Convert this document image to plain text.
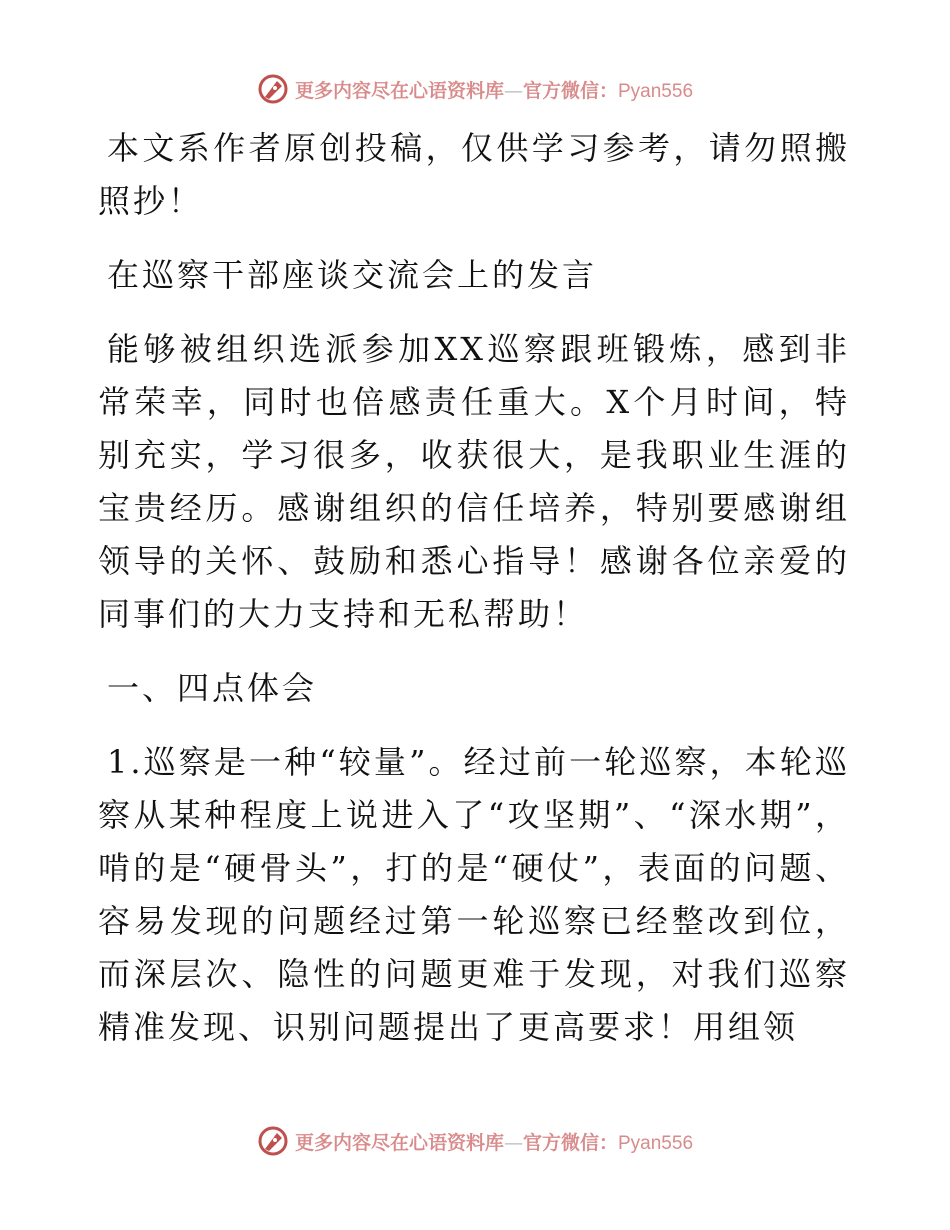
更多内容尽在心语资料库—官方微信：Pyan556

本文系作者原创投稿，仅供学习参考，请勿照搬照抄！

在巡察干部座谈交流会上的发言

能够被组织选派参加XX巡察跟班锻炼，感到非常荣幸，同时也倍感责任重大。X个月时间，特别充实，学习很多，收获很大，是我职业生涯的宝贵经历。感谢组织的信任培养，特别要感谢组领导的关怀、鼓励和悉心指导！感谢各位亲爱的同事们的大力支持和无私帮助！

一、四点体会

1.巡察是一种“较量”。经过前一轮巡察，本轮巡察从某种程度上说进入了“攻坚期”、“深水期”，啃的是“硬骨头”，打的是“硬仗”，表面的问题、容易发现的问题经过第一轮巡察已经整改到位，而深层次、隐性的问题更难于发现，对我们巡察精准发现、识别问题提出了更高要求！用组领

更多内容尽在心语资料库—官方微信：Pyan556
